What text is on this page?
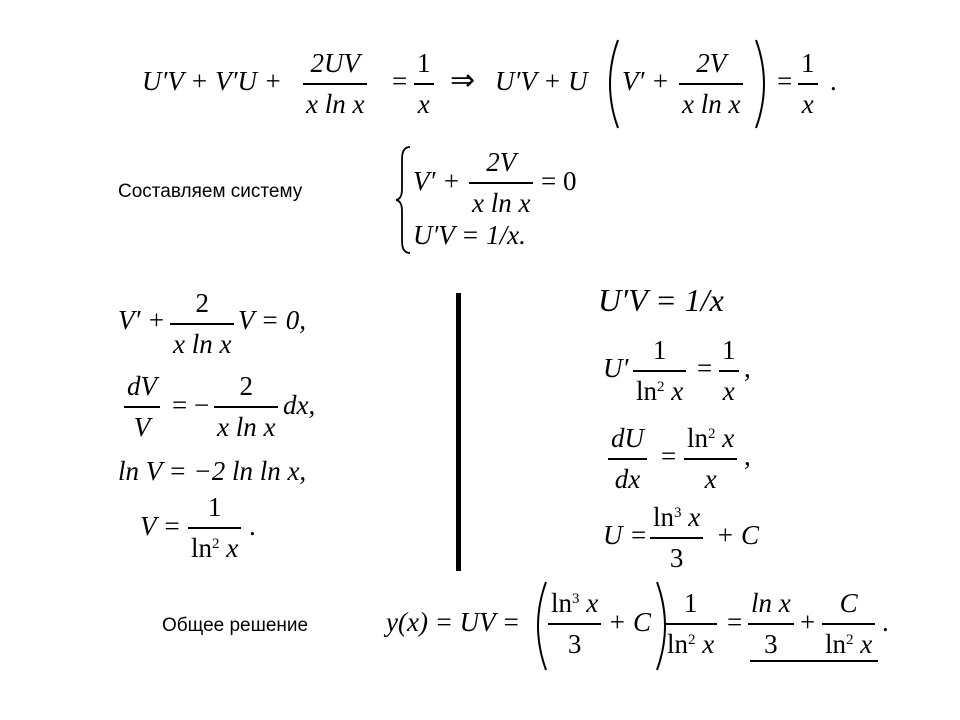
U′V + V′U +
2UV
x ln x
=
1
x
⇒ U′V + U V′ +
2V
x ln x
=
1
x
.
Составляем систему	V′ +
2V
x ln x
= 0
U′V = 1/x.
V′ +
2
x ln x
V = 0,
dV
V
= −
2
x ln x
dx,
ln V = −2 ln ln x,
V =
1
$\ln^2 x$
.
U′V = 1/x
U′
1
$\ln^2 x$
=
1
x
,
dU
dx
=
$\ln^2 x$
x
,
U =
$\ln^3 x$
3
+ C
Общее решение	y(x) = UV =
$\ln^3 x$
3
+ C
1
$\ln^2 x$
=
ln x
3
+
C
$\ln^2 x$
.
